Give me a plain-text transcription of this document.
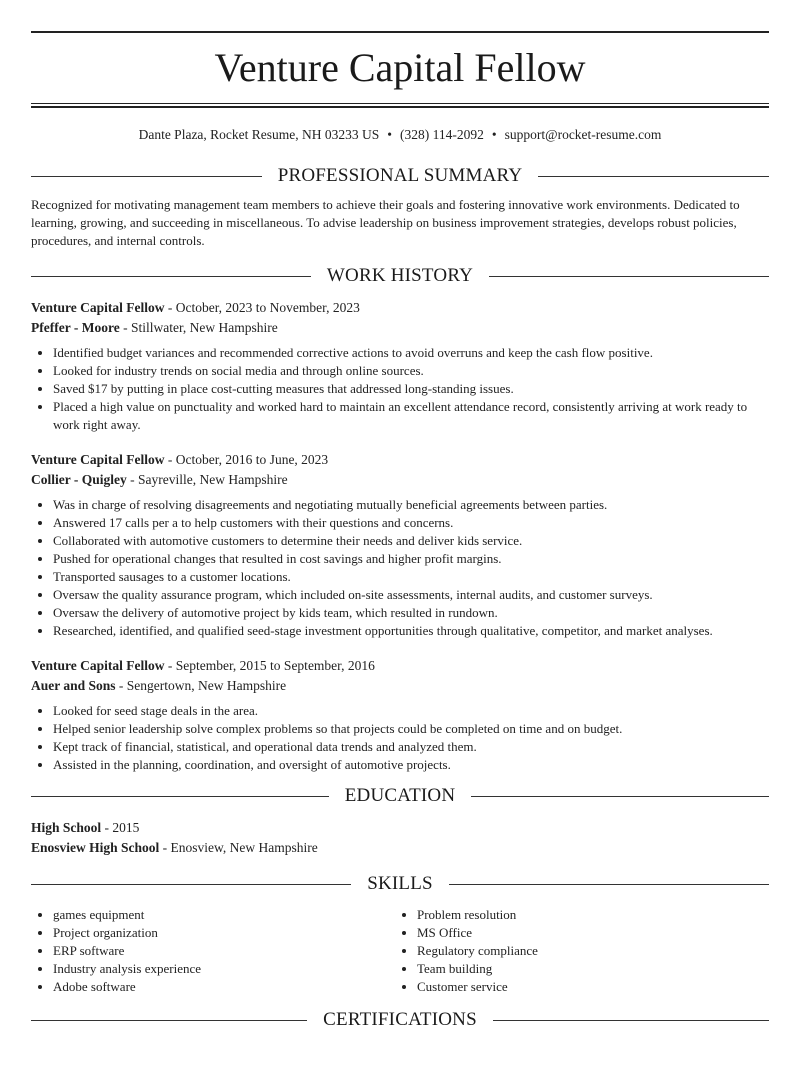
Venture Capital Fellow
Dante Plaza, Rocket Resume, NH 03233 US • (328) 114-2092 • support@rocket-resume.com
PROFESSIONAL SUMMARY

Recognized for motivating management team members to achieve their goals and fostering innovative work environments. Dedicated to learning, growing, and succeeding in miscellaneous. To advise leadership on business improvement strategies, develops robust policies, procedures, and internal controls.

WORK HISTORY
Venture Capital Fellow - October, 2023 to November, 2023
Pfeffer - Moore - Stillwater, New Hampshire
• Identified budget variances and recommended corrective actions to avoid overruns and keep the cash flow positive.
• Looked for industry trends on social media and through online sources.
• Saved $17 by putting in place cost-cutting measures that addressed long-standing issues.
• Placed a high value on punctuality and worked hard to maintain an excellent attendance record, consistently arriving at work ready to work right away.
Venture Capital Fellow - October, 2016 to June, 2023
Collier - Quigley - Sayreville, New Hampshire
• Was in charge of resolving disagreements and negotiating mutually beneficial agreements between parties.
• Answered 17 calls per a to help customers with their questions and concerns.
• Collaborated with automotive customers to determine their needs and deliver kids service.
• Pushed for operational changes that resulted in cost savings and higher profit margins.
• Transported sausages to a customer locations.
• Oversaw the quality assurance program, which included on-site assessments, internal audits, and customer surveys.
• Oversaw the delivery of automotive project by kids team, which resulted in rundown.
• Researched, identified, and qualified seed-stage investment opportunities through qualitative, competitor, and market analyses.
Venture Capital Fellow - September, 2015 to September, 2016
Auer and Sons - Sengertown, New Hampshire
• Looked for seed stage deals in the area.
• Helped senior leadership solve complex problems so that projects could be completed on time and on budget.
• Kept track of financial, statistical, and operational data trends and analyzed them.
• Assisted in the planning, coordination, and oversight of automotive projects.
EDUCATION
High School - 2015
Enosview High School - Enosview, New Hampshire
SKILLS
• games equipment
• Project organization
• ERP software
• Industry analysis experience
• Adobe software
• Problem resolution
• MS Office
• Regulatory compliance
• Team building
• Customer service
CERTIFICATIONS
